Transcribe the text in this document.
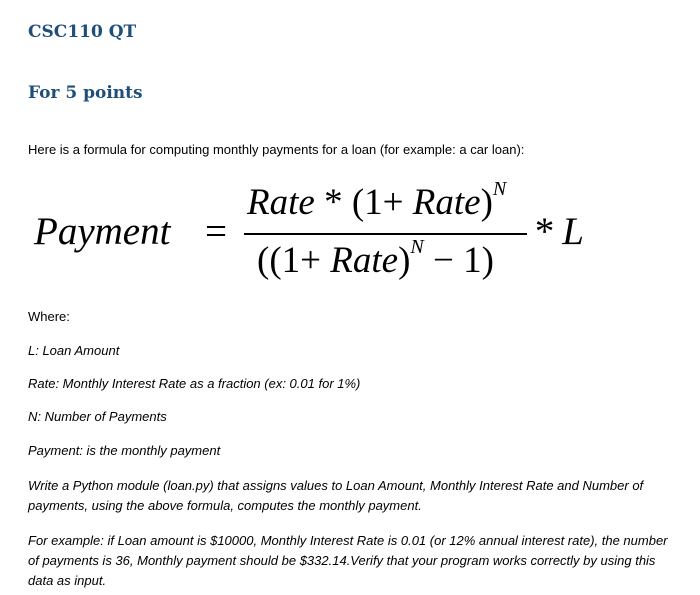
CSC110 QT
For 5 points

Here is a formula for computing monthly payments for a loan (for example: a car loan):

Payment =
Rate * (1+ Rate)$^N$
((1+ Rate)$^N$ − 1)
* L

Where:

L: Loan Amount

Rate: Monthly Interest Rate as a fraction (ex: 0.01 for 1%)

N: Number of Payments

Payment: is the monthly payment

Write a Python module (loan.py) that assigns values to Loan Amount, Monthly Interest Rate and Number of payments, using the above formula, computes the monthly payment.

For example: if Loan amount is $10000, Monthly Interest Rate is 0.01 (or 12% annual interest rate), the number of payments is 36, Monthly payment should be $332.14.Verify that your program works correctly by using this data as input.
